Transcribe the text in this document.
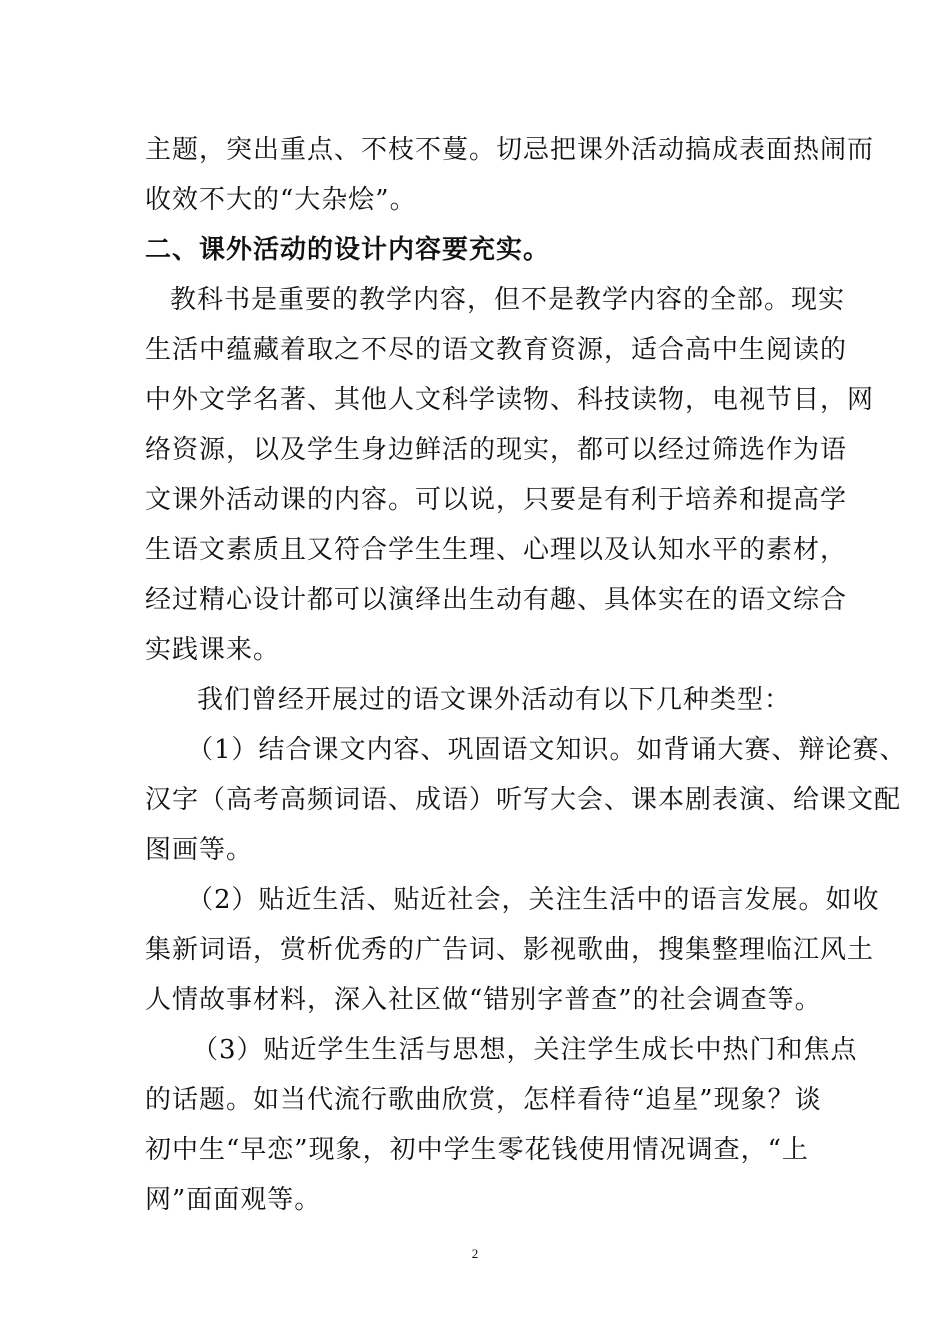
主题，突出重点、不枝不蔓。切忌把课外活动搞成表面热闹而
收效不大的“大杂烩”。
二、课外活动的设计内容要充实。
教科书是重要的教学内容，但不是教学内容的全部。现实
生活中蕴藏着取之不尽的语文教育资源，适合高中生阅读的
中外文学名著、其他人文科学读物、科技读物，电视节目，网
络资源，以及学生身边鲜活的现实，都可以经过筛选作为语
文课外活动课的内容。可以说，只要是有利于培养和提高学
生语文素质且又符合学生生理、心理以及认知水平的素材，
经过精心设计都可以演绎出生动有趣、具体实在的语文综合
实践课来。
我们曾经开展过的语文课外活动有以下几种类型：
（1）结合课文内容、巩固语文知识。如背诵大赛、辩论赛、
汉字（高考高频词语、成语）听写大会、课本剧表演、给课文配
图画等。
（2）贴近生活、贴近社会，关注生活中的语言发展。如收
集新词语，赏析优秀的广告词、影视歌曲，搜集整理临江风土
人情故事材料，深入社区做“错别字普查”的社会调查等。
（3）贴近学生生活与思想，关注学生成长中热门和焦点
的话题。如当代流行歌曲欣赏，怎样看待“追星”现象？谈
初中生“早恋”现象，初中学生零花钱使用情况调查，“上
网”面面观等。
2
